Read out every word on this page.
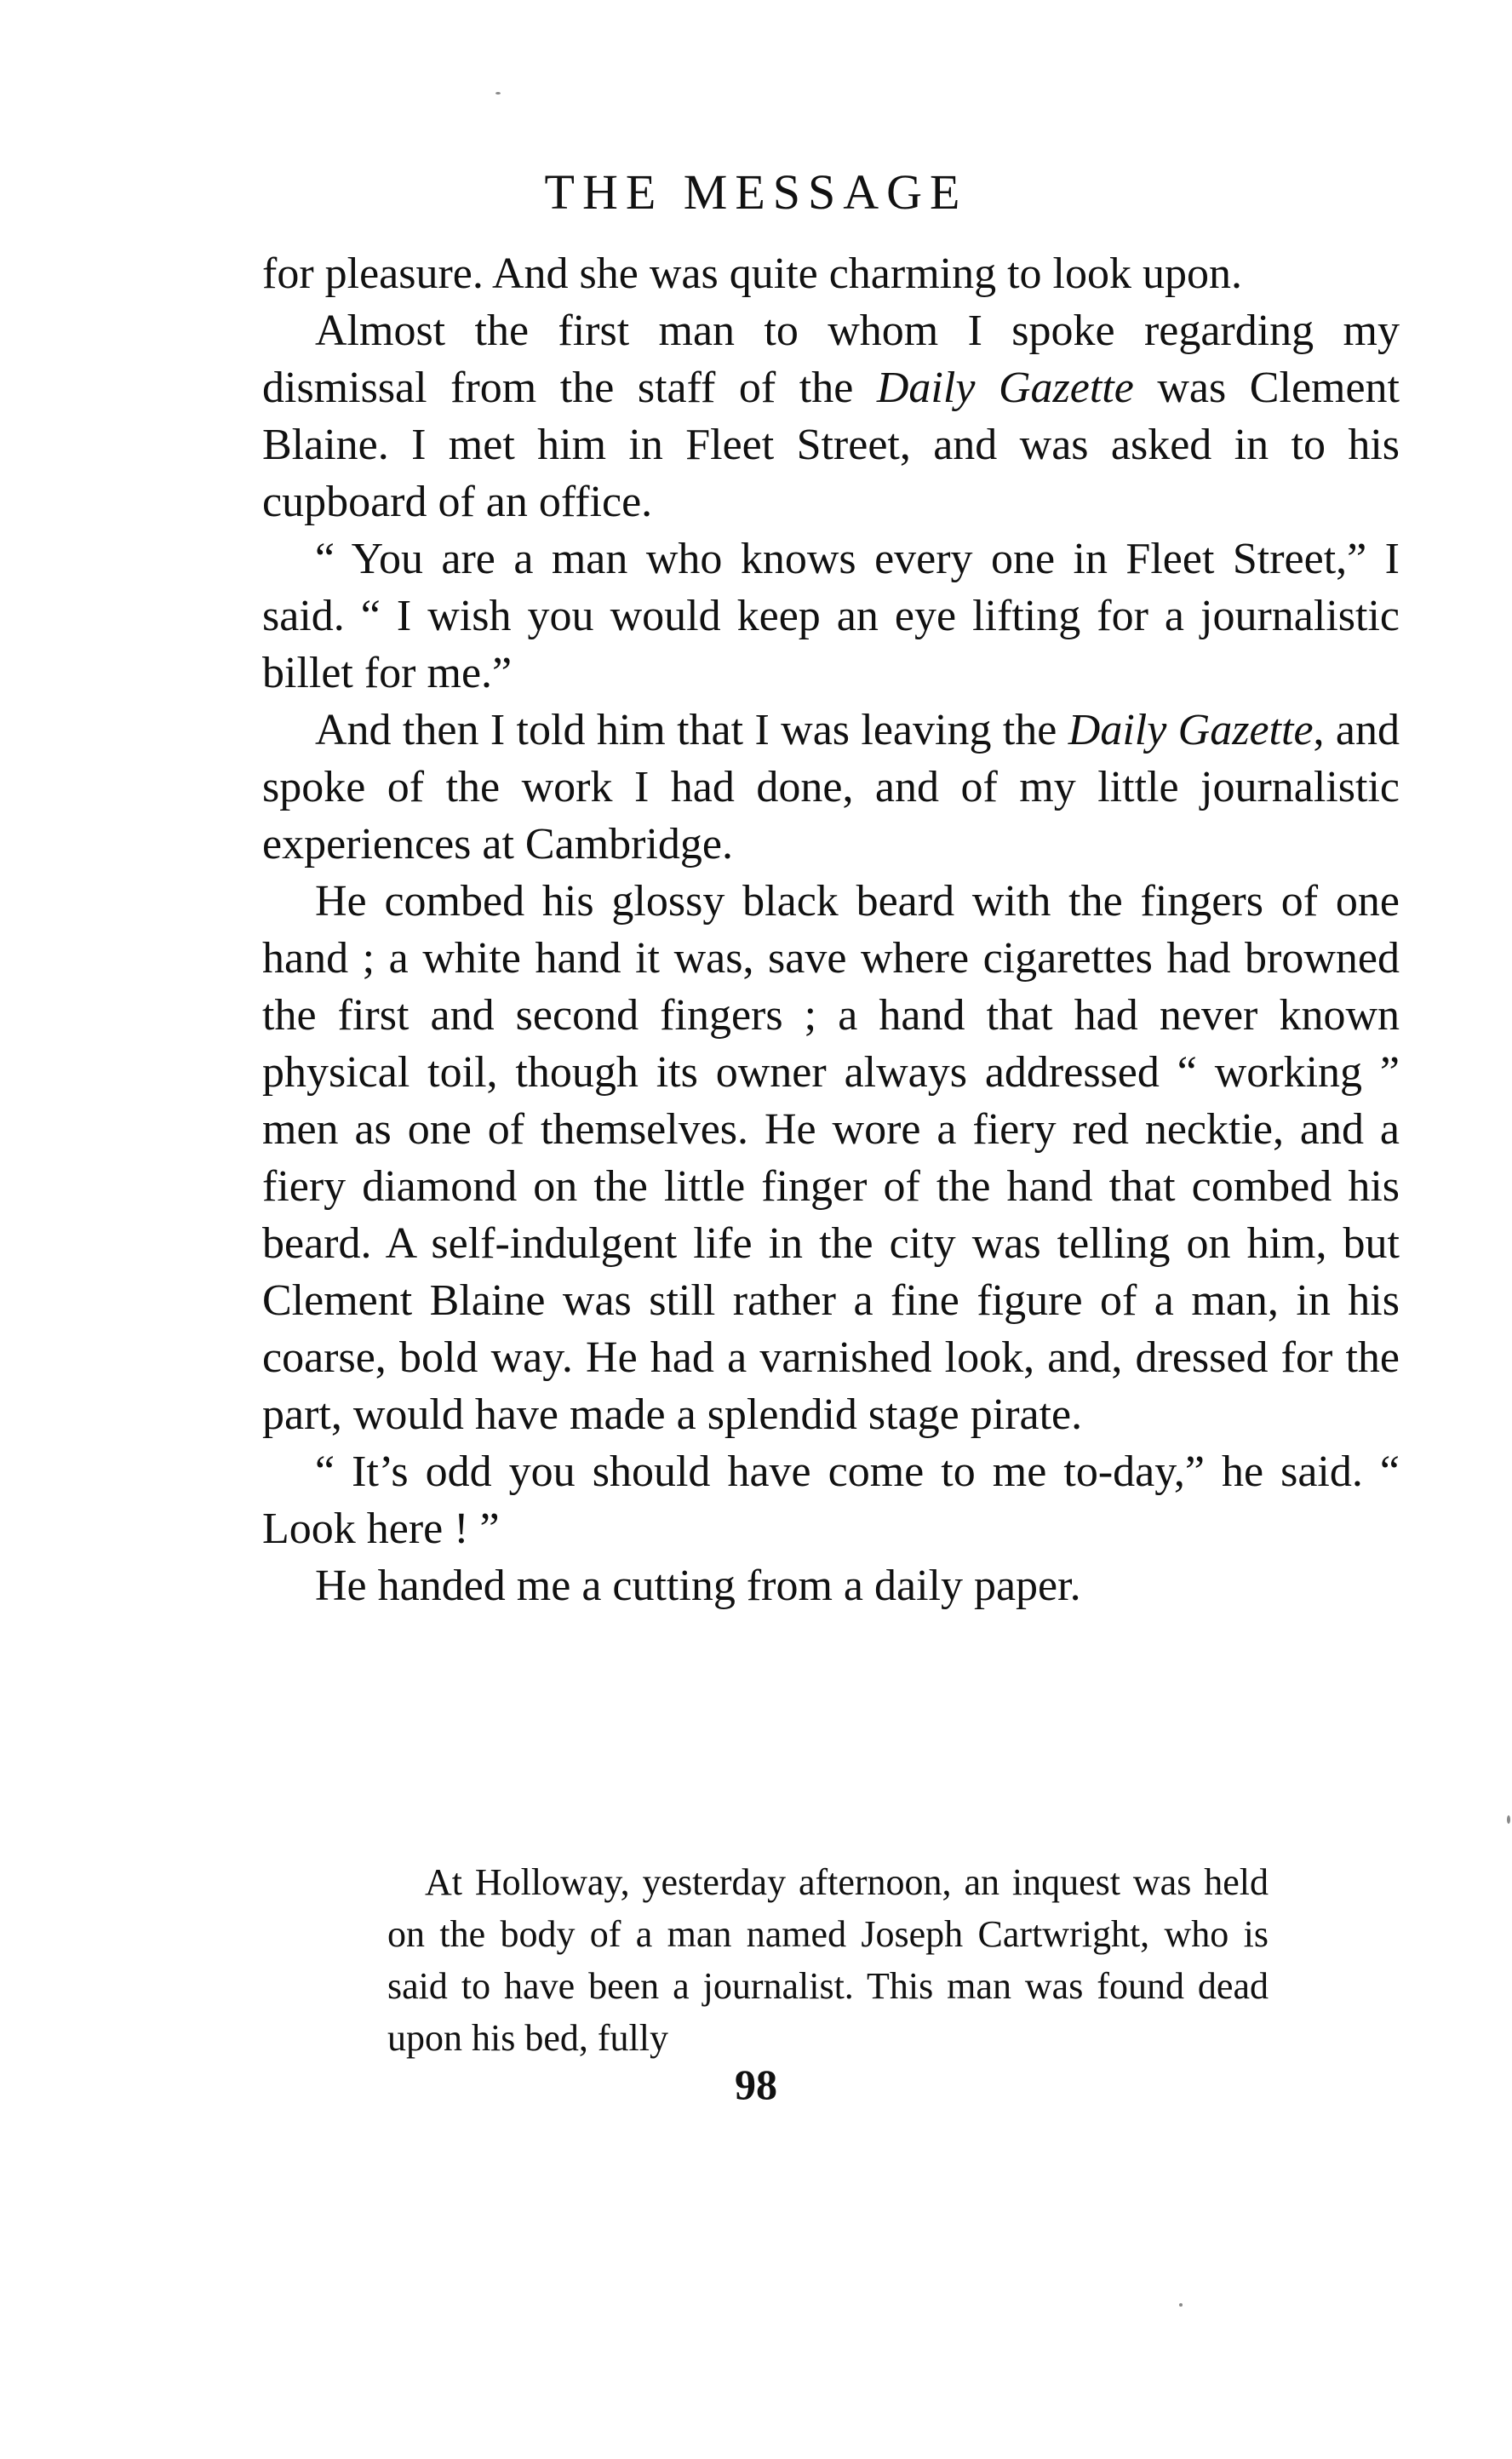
THE MESSAGE

for pleasure. And she was quite charming to look upon.

Almost the first man to whom I spoke regarding my dismissal from the staff of the Daily Gazette was Clement Blaine. I met him in Fleet Street, and was asked in to his cupboard of an office.

“ You are a man who knows every one in Fleet Street,” I said. “ I wish you would keep an eye lifting for a journalistic billet for me.”

And then I told him that I was leaving the Daily Gazette, and spoke of the work I had done, and of my little journalistic experiences at Cambridge.

He combed his glossy black beard with the fingers of one hand ; a white hand it was, save where cigarettes had browned the first and second fingers ; a hand that had never known physical toil, though its owner always addressed “ working ” men as one of themselves. He wore a fiery red necktie, and a fiery diamond on the little finger of the hand that combed his beard. A self-indulgent life in the city was telling on him, but Clement Blaine was still rather a fine figure of a man, in his coarse, bold way. He had a varnished look, and, dressed for the part, would have made a splendid stage pirate.

“ It’s odd you should have come to me to-day,” he said. “ Look here ! ”

He handed me a cutting from a daily paper.

At Holloway, yesterday afternoon, an inquest was held on the body of a man named Joseph Cartwright, who is said to have been a journalist. This man was found dead upon his bed, fully

98
